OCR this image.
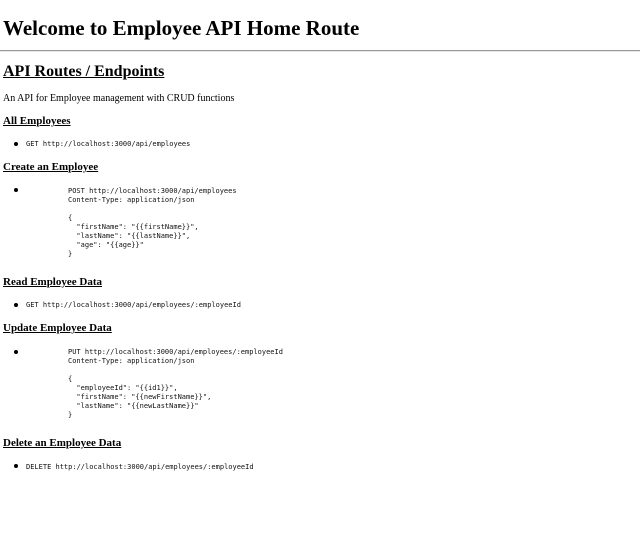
Welcome to Employee API Home Route
API Routes / Endpoints
An API for Employee management with CRUD functions
All Employees
GET http://localhost:3000/api/employees
Create an Employee
POST http://localhost:3000/api/employees
Content-Type: application/json

{
"firstName": "{{firstName}}",
"lastName": "{{lastName}}",
"age": "{{age}}"
}
Read Employee Data
GET http://localhost:3000/api/employees/:employeeId
Update Employee Data
PUT http://localhost:3000/api/employees/:employeeId
Content-Type: application/json

{
"employeeId": "{{id1}}",
"firstName": "{{newFirstName}}",
"lastName": "{{newLastName}}"
}
Delete an Employee Data
DELETE http://localhost:3000/api/employees/:employeeId
